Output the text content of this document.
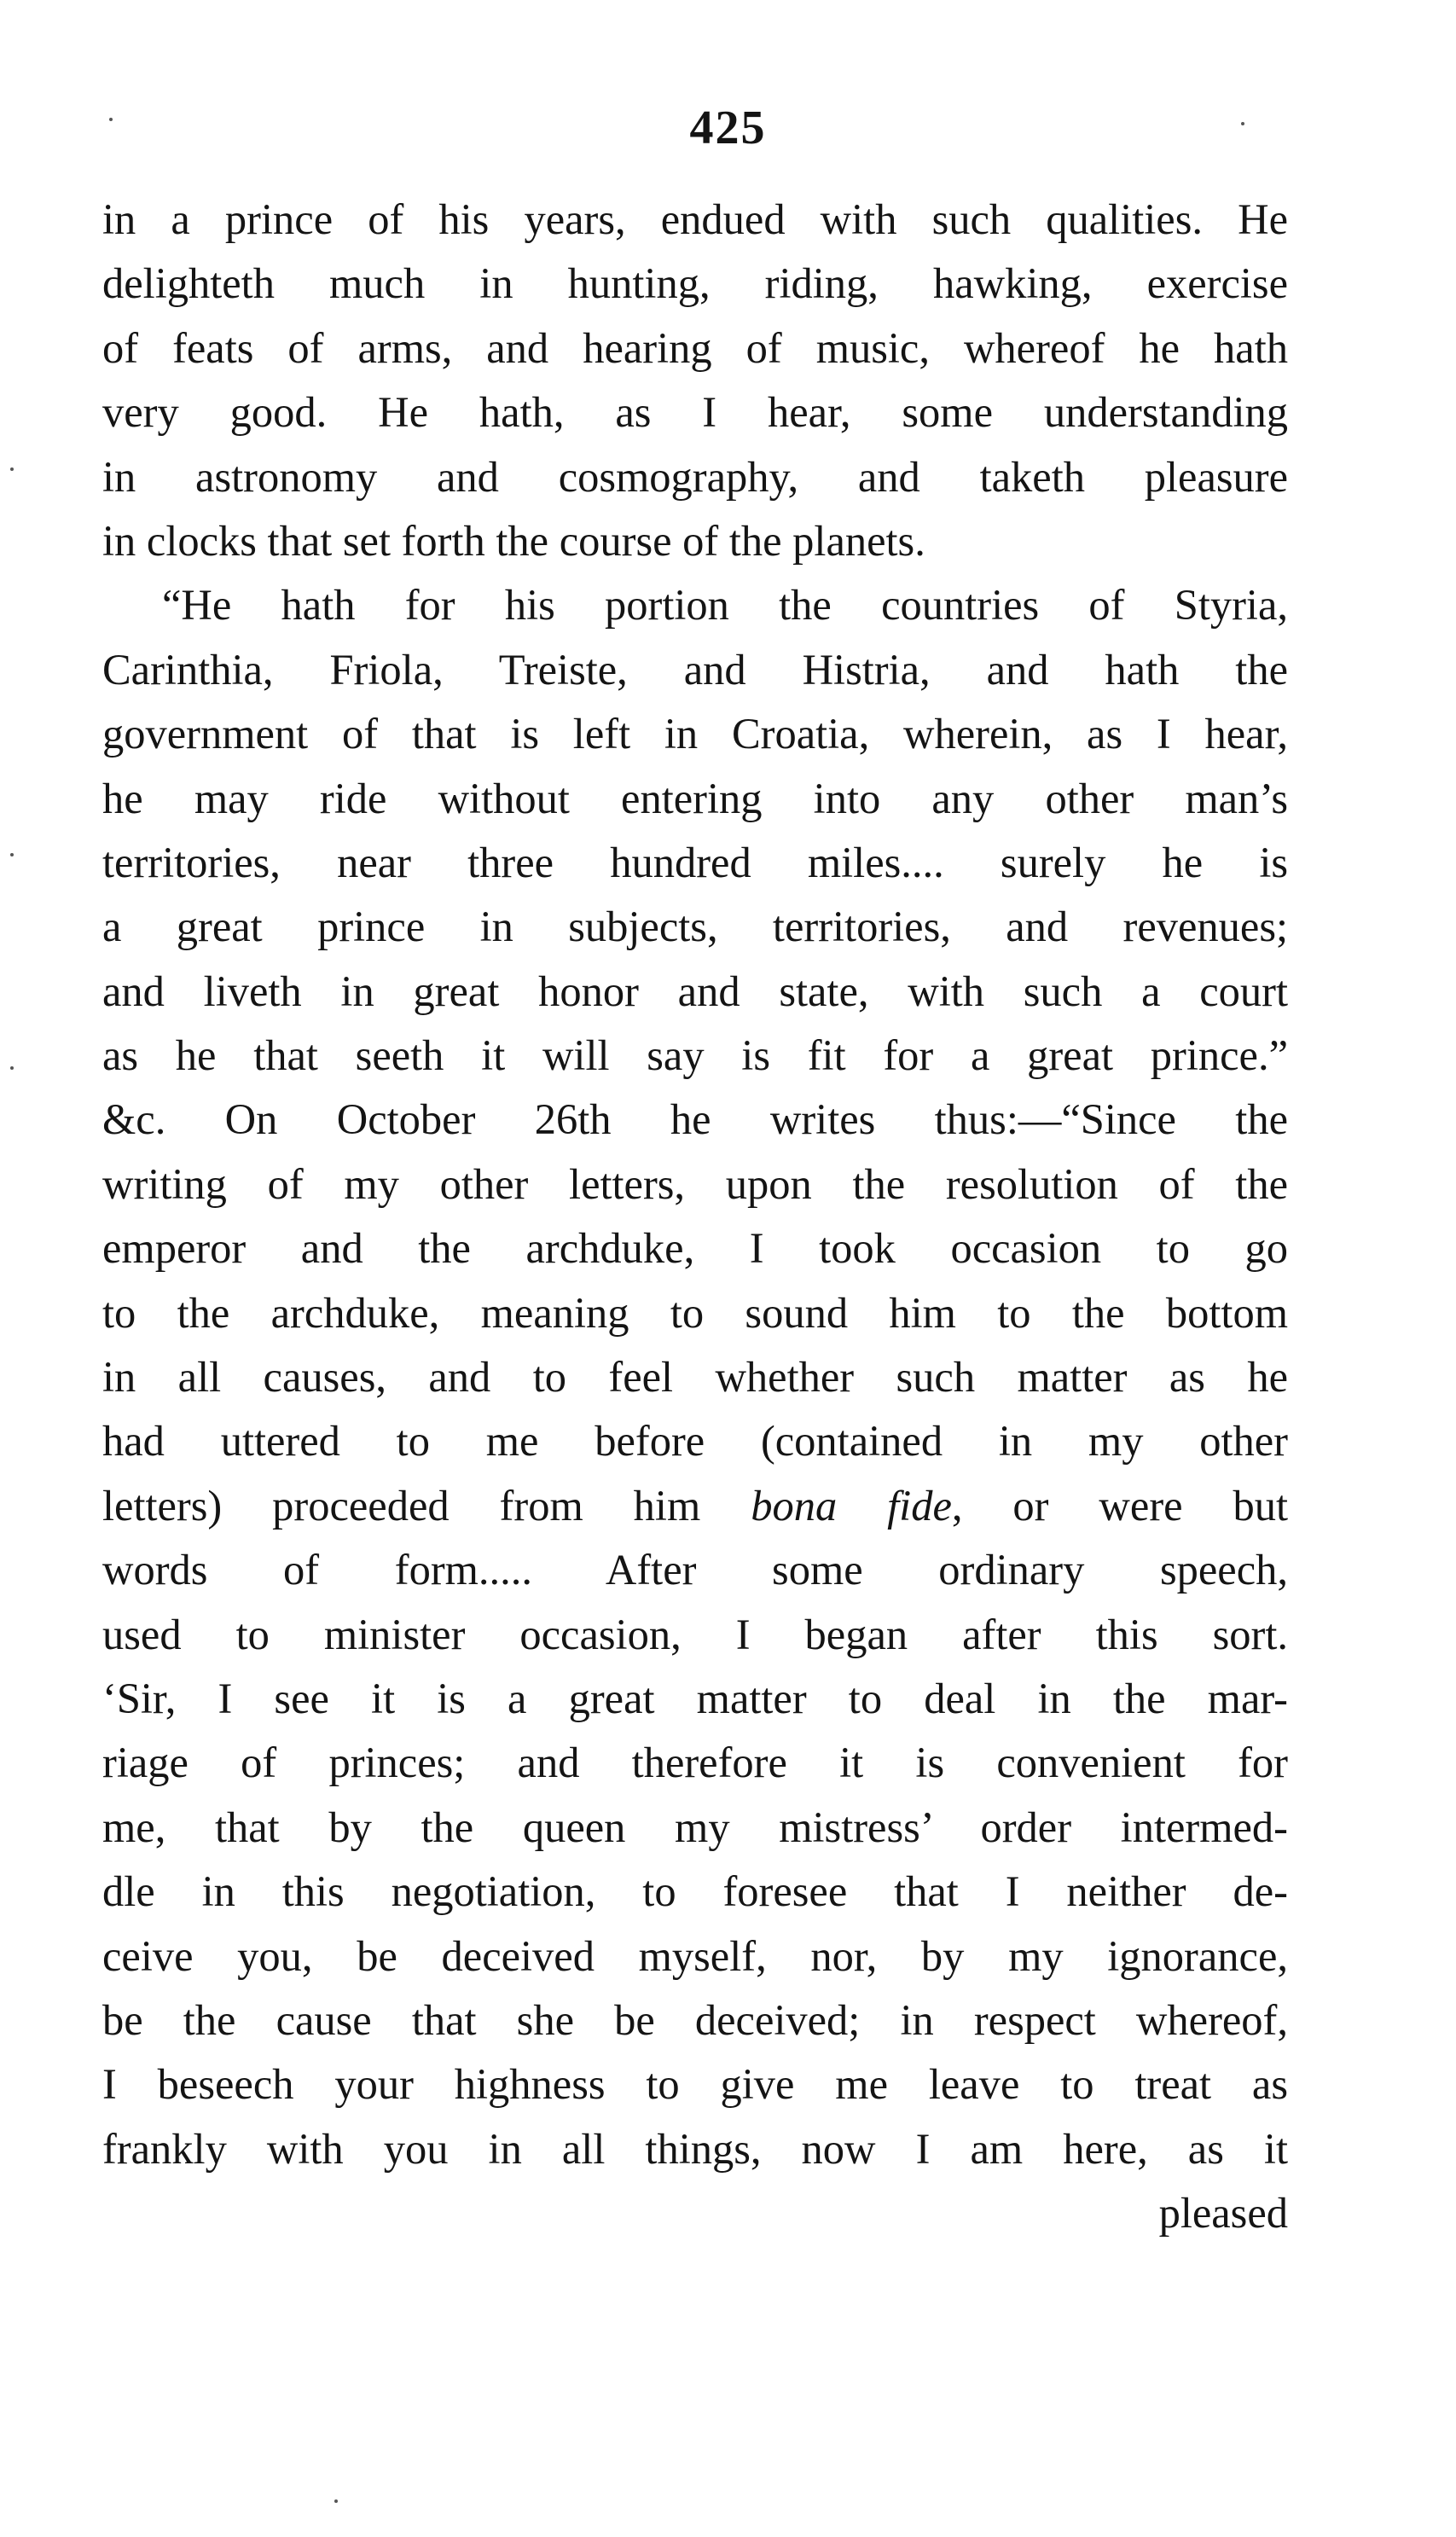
425
in a prince of his years, endued with such qualities. He
delighteth much in hunting, riding, hawking, exercise
of feats of arms, and hearing of music, whereof he hath
very good. He hath, as I hear, some understanding
in astronomy and cosmography, and taketh pleasure
in clocks that set forth the course of the planets.
“He hath for his portion the countries of Styria,
Carinthia, Friola, Treiste, and Histria, and hath the
government of that is left in Croatia, wherein, as I hear,
he may ride without entering into any other man’s
territories, near three hundred miles.... surely he is
a great prince in subjects, territories, and revenues;
and liveth in great honor and state, with such a court
as he that seeth it will say is fit for a great prince.”
&c. On October 26th he writes thus:—“Since the
writing of my other letters, upon the resolution of the
emperor and the archduke, I took occasion to go
to the archduke, meaning to sound him to the bottom
in all causes, and to feel whether such matter as he
had uttered to me before (contained in my other
letters) proceeded from him bona fide, or were but
words of form..... After some ordinary speech,
used to minister occasion, I began after this sort.
‘Sir, I see it is a great matter to deal in the mar-
riage of princes; and therefore it is convenient for
me, that by the queen my mistress’ order intermed-
dle in this negotiation, to foresee that I neither de-
ceive you, be deceived myself, nor, by my ignorance,
be the cause that she be deceived; in respect whereof,
I beseech your highness to give me leave to treat as
frankly with you in all things, now I am here, as it
pleased
